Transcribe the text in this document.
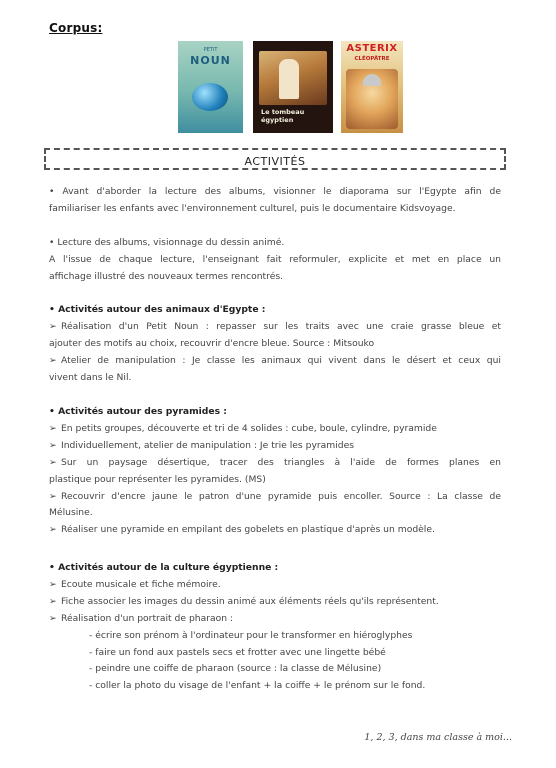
Corpus:
PETIT
NOUN
Le tombeau égyptien
ASTERIX
CLÉOPÂTRE
ACTIVITÉS
• Avant d'aborder la lecture des albums, visionner le diaporama sur l'Egypte afin de
familiariser les enfants avec l'environnement culturel, puis le documentaire Kidsvoyage.
• Lecture des albums, visionnage du dessin animé.
A l'issue de chaque lecture, l'enseignant fait reformuler, explicite et met en place un
affichage illustré des nouveaux termes rencontrés.
• Activités autour des animaux d'Egypte :
➢ Réalisation d'un Petit Noun : repasser sur les traits avec une craie grasse bleue et
ajouter des motifs au choix, recouvrir d'encre bleue. Source : Mitsouko
➢ Atelier de manipulation : Je classe les animaux qui vivent dans le désert et ceux qui
vivent dans le Nil.
• Activités autour des pyramides :
➢ En petits groupes, découverte et tri de 4 solides : cube, boule, cylindre, pyramide
➢ Individuellement, atelier de manipulation : Je trie les pyramides
➢ Sur un paysage désertique, tracer des triangles à l'aide de formes planes en
plastique pour représenter les pyramides. (MS)
➢ Recouvrir d'encre jaune le patron d'une pyramide puis encoller. Source : La classe de
Mélusine.
➢ Réaliser une pyramide en empilant des gobelets en plastique d'après un modèle.
• Activités autour de la culture égyptienne :
➢ Ecoute musicale et fiche mémoire.
➢ Fiche associer les images du dessin animé aux éléments réels qu'ils représentent.
➢ Réalisation d'un portrait de pharaon :
- écrire son prénom à l'ordinateur pour le transformer en hiéroglyphes
- faire un fond aux pastels secs et frotter avec une lingette bébé
- peindre une coiffe de pharaon (source : la classe de Mélusine)
- coller la photo du visage de l'enfant + la coiffe + le prénom sur le fond.
1, 2, 3, dans ma classe à moi...
